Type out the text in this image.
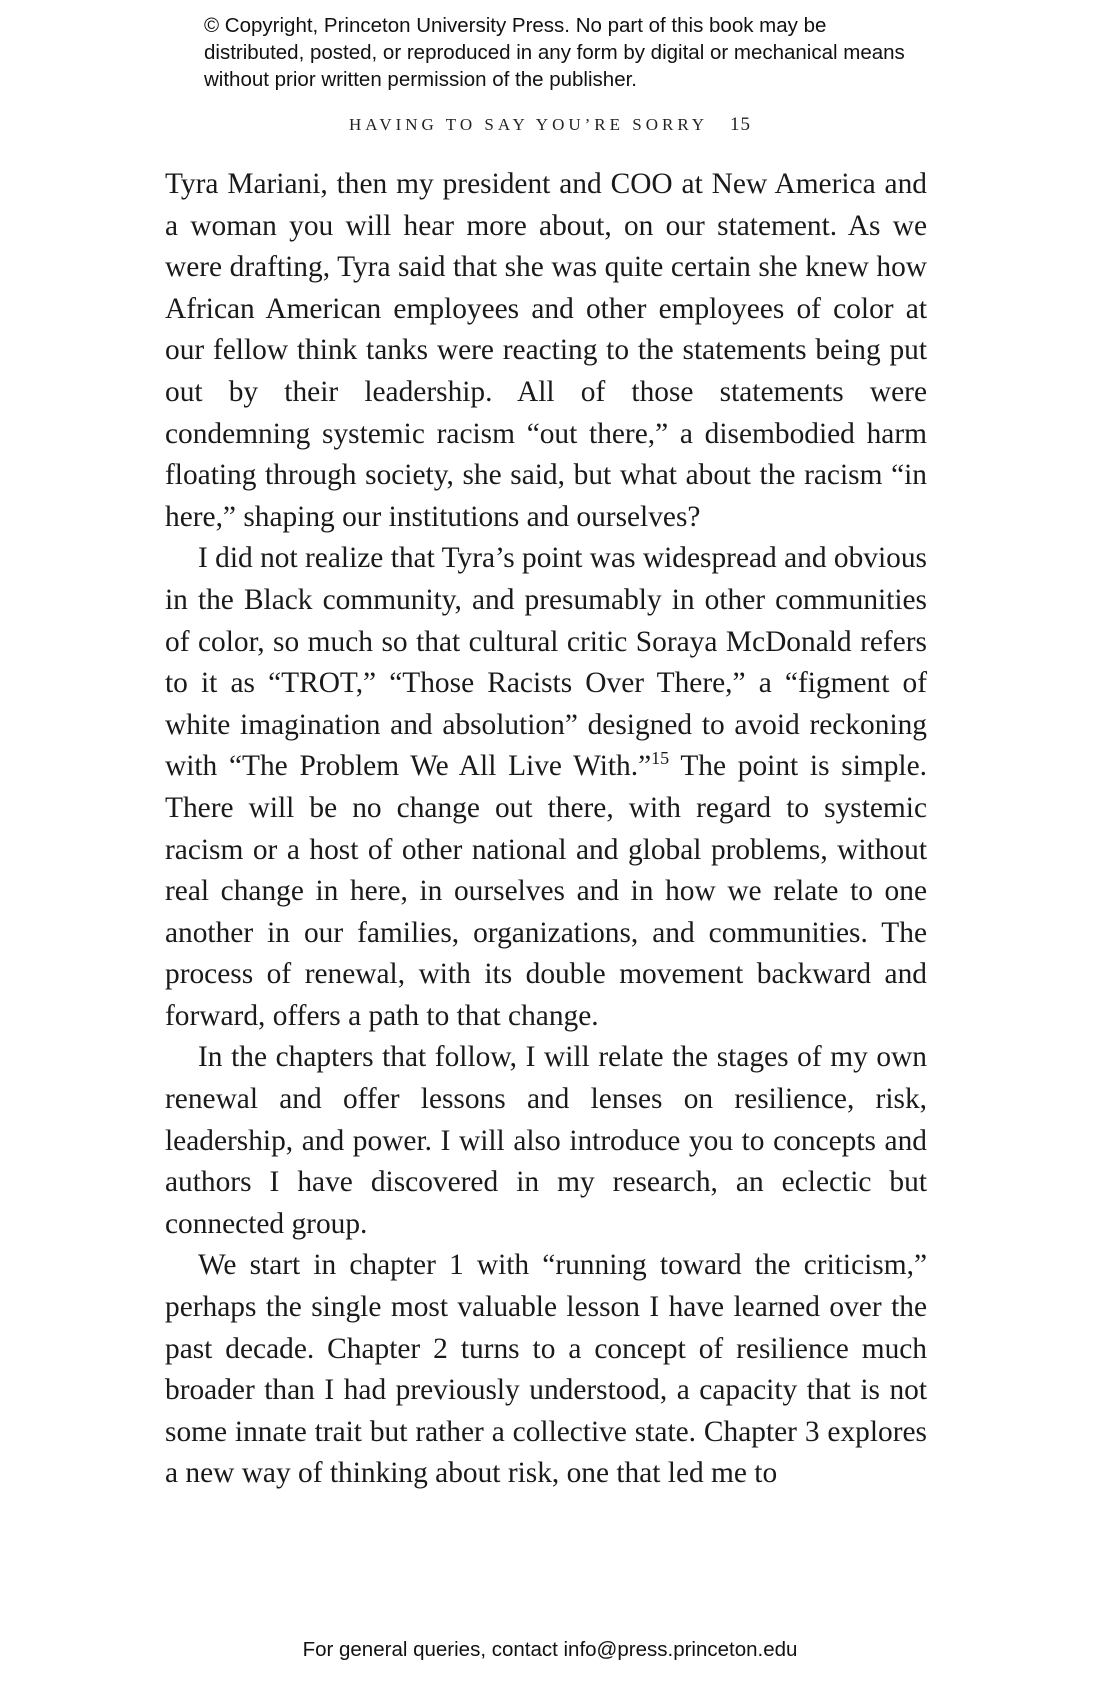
© Copyright, Princeton University Press. No part of this book may be distributed, posted, or reproduced in any form by digital or mechanical means without prior written permission of the publisher.
HAVING TO SAY YOU’RE SORRY 15

Tyra Mariani, then my president and COO at New America and a woman you will hear more about, on our statement. As we were drafting, Tyra said that she was quite certain she knew how African American employees and other employees of color at our fellow think tanks were reacting to the statements being put out by their leadership. All of those statements were condemning systemic racism “out there,” a disembodied harm floating through society, she said, but what about the racism “in here,” shaping our institutions and ourselves?

I did not realize that Tyra’s point was widespread and obvious in the Black community, and presumably in other communities of color, so much so that cultural critic Soraya McDonald refers to it as “TROT,” “Those Racists Over There,” a “figment of white imagination and absolution” designed to avoid reckoning with “The Problem We All Live With.”$^{15}$ The point is simple. There will be no change out there, with regard to systemic racism or a host of other national and global problems, without real change in here, in ourselves and in how we relate to one another in our families, organizations, and communities. The process of renewal, with its double movement backward and forward, offers a path to that change.

In the chapters that follow, I will relate the stages of my own renewal and offer lessons and lenses on resilience, risk, leadership, and power. I will also introduce you to concepts and authors I have discovered in my research, an eclectic but connected group.

We start in chapter 1 with “running toward the criticism,” perhaps the single most valuable lesson I have learned over the past decade. Chapter 2 turns to a concept of resilience much broader than I had previously understood, a capacity that is not some innate trait but rather a collective state. Chapter 3 explores a new way of thinking about risk, one that led me to

For general queries, contact info@press.princeton.edu
